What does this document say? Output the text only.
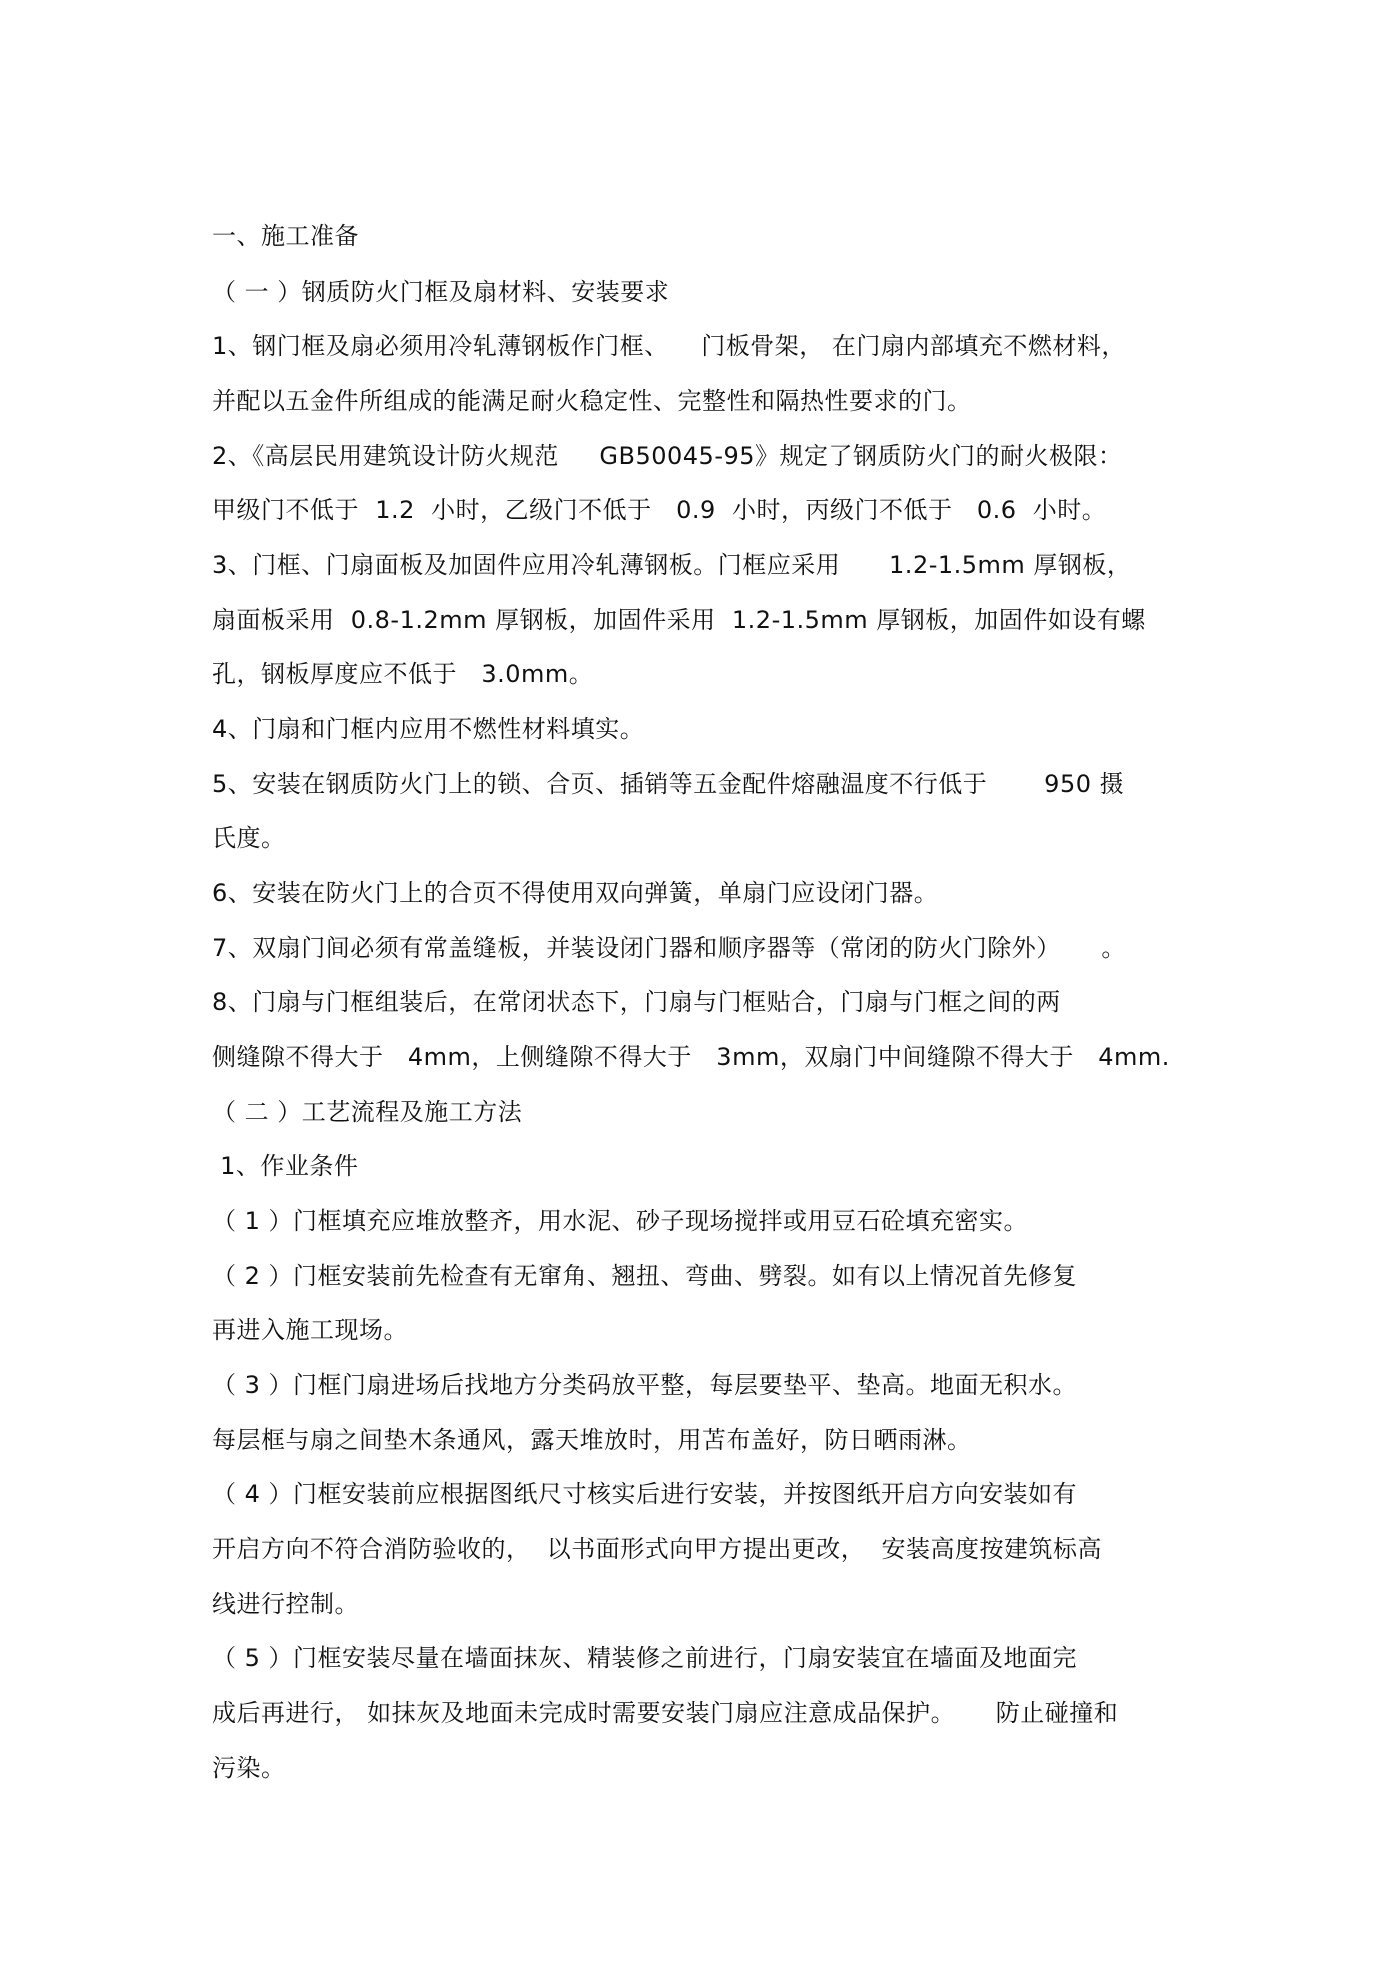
一、施工准备
（ 一 ）钢质防火门框及扇材料、安装要求
1、钢门框及扇必须用冷轧薄钢板作门框、    门板骨架， 在门扇内部填充不燃材料，
并配以五金件所组成的能满足耐火稳定性、完整性和隔热性要求的门。
2、《高层民用建筑设计防火规范     GB50045-95》规定了钢质防火门的耐火极限：
甲级门不低于  1.2  小时，乙级门不低于   0.9  小时，丙级门不低于   0.6  小时。
3、门框、门扇面板及加固件应用冷轧薄钢板。门框应采用      1.2-1.5mm 厚钢板，
扇面板采用  0.8-1.2mm 厚钢板，加固件采用  1.2-1.5mm 厚钢板，加固件如设有螺
孔，钢板厚度应不低于   3.0mm。
4、门扇和门框内应用不燃性材料填实。
5、安装在钢质防火门上的锁、合页、插销等五金配件熔融温度不行低于       950 摄
氏度。
6、安装在防火门上的合页不得使用双向弹簧，单扇门应设闭门器。
7、双扇门间必须有常盖缝板，并装设闭门器和顺序器等（常闭的防火门除外）     。
8、门扇与门框组装后，在常闭状态下，门扇与门框贴合，门扇与门框之间的两
侧缝隙不得大于   4mm，上侧缝隙不得大于   3mm，双扇门中间缝隙不得大于   4mm.
（ 二 ）工艺流程及施工方法
1、作业条件
（ 1 ）门框填充应堆放整齐，用水泥、砂子现场搅拌或用豆石砼填充密实。
（ 2 ）门框安装前先检查有无窜角、翘扭、弯曲、劈裂。如有以上情况首先修复
再进入施工现场。
（ 3 ）门框门扇进场后找地方分类码放平整，每层要垫平、垫高。地面无积水。
每层框与扇之间垫木条通风，露天堆放时，用苫布盖好，防日晒雨淋。
（ 4 ）门框安装前应根据图纸尺寸核实后进行安装，并按图纸开启方向安装如有
开启方向不符合消防验收的，  以书面形式向甲方提出更改，  安装高度按建筑标高
线进行控制。
（ 5 ）门框安装尽量在墙面抹灰、精装修之前进行，门扇安装宜在墙面及地面完
成后再进行， 如抹灰及地面未完成时需要安装门扇应注意成品保护。     防止碰撞和
污染。
